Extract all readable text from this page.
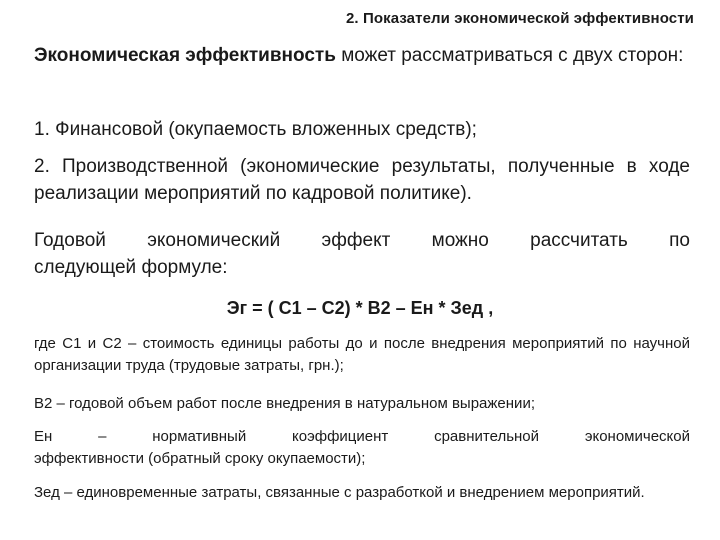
2. Показатели экономической эффективности
Экономическая эффективность может рассматриваться с двух сторон:
1. Финансовой (окупаемость вложенных средств);
2. Производственной (экономические результаты, полученные в ходе реализации мероприятий по кадровой политике).
Годовой экономический эффект можно рассчитать по
следующей формуле:
Эг = ( С1 – С2) * В2 – Ен * Зед ,
где С1 и С2 – стоимость единицы работы до и после внедрения мероприятий по научной организации труда (трудовые затраты, грн.);
В2 – годовой объем работ после внедрения в натуральном выражении;
Ен – нормативный коэффициент сравнительной экономической
эффективности (обратный сроку окупаемости);
Зед – единовременные затраты, связанные с разработкой и внедрением мероприятий.
